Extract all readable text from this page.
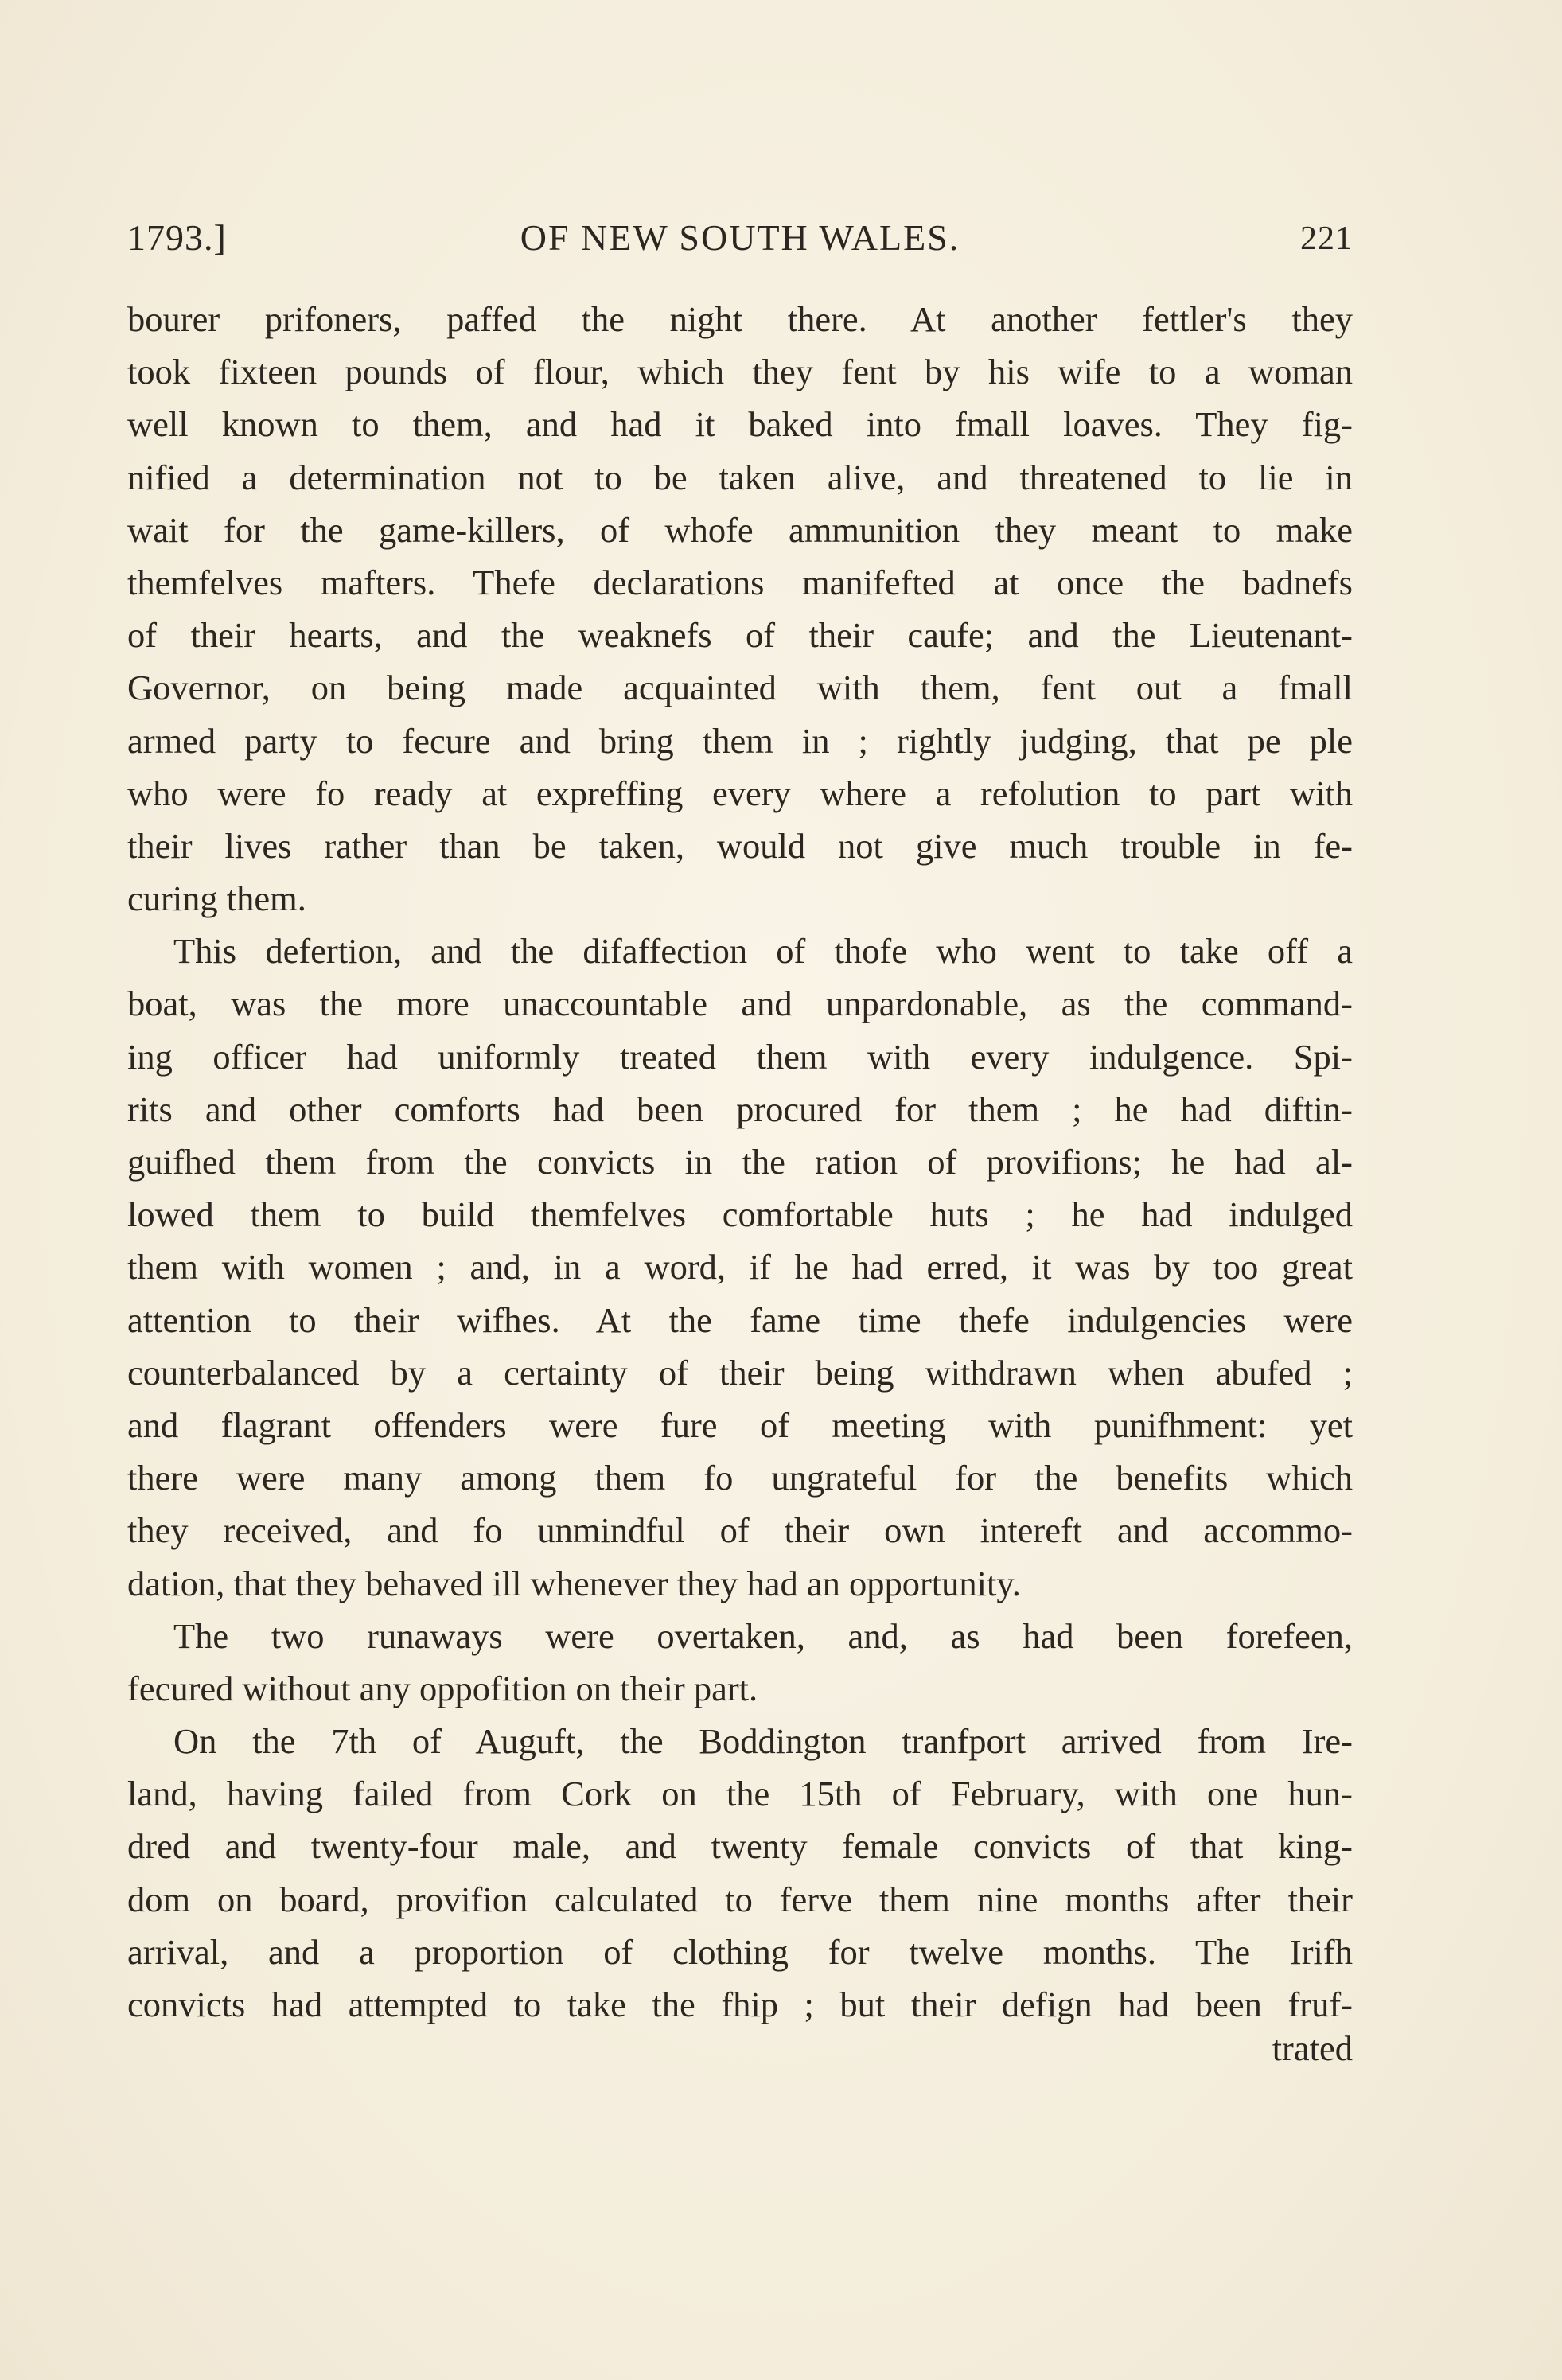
1793.]	OF NEW SOUTH WALES.	221
bourer prifoners, paffed the night there. At another fettler's they
took fixteen pounds of flour, which they fent by his wife to a woman
well known to them, and had it baked into fmall loaves. They fig-
nified a determination not to be taken alive, and threatened to lie in
wait for the game-killers, of whofe ammunition they meant to make
themfelves mafters. Thefe declarations manifefted at once the badnefs
of their hearts, and the weaknefs of their caufe; and the Lieutenant-
Governor, on being made acquainted with them, fent out a fmall
armed party to fecure and bring them in ; rightly judging, that pe ple
who were fo ready at expreffing every where a refolution to part with
their lives rather than be taken, would not give much trouble in fe-
curing them.
This defertion, and the difaffection of thofe who went to take off a
boat, was the more unaccountable and unpardonable, as the command-
ing officer had uniformly treated them with every indulgence. Spi-
rits and other comforts had been procured for them ; he had diftin-
guifhed them from the convicts in the ration of provifions; he had al-
lowed them to build themfelves comfortable huts ; he had indulged
them with women ; and, in a word, if he had erred, it was by too great
attention to their wifhes. At the fame time thefe indulgencies were
counterbalanced by a certainty of their being withdrawn when abufed ;
and flagrant offenders were fure of meeting with punifhment: yet
there were many among them fo ungrateful for the benefits which
they received, and fo unmindful of their own intereft and accommo-
dation, that they behaved ill whenever they had an opportunity.
The two runaways were overtaken, and, as had been forefeen,
fecured without any oppofition on their part.
On the 7th of Auguft, the Boddington tranfport arrived from Ire-
land, having failed from Cork on the 15th of February, with one hun-
dred and twenty-four male, and twenty female convicts of that king-
dom on board, provifion calculated to ferve them nine months after their
arrival, and a proportion of clothing for twelve months. The Irifh
convicts had attempted to take the fhip ; but their defign had been fruf-
trated
